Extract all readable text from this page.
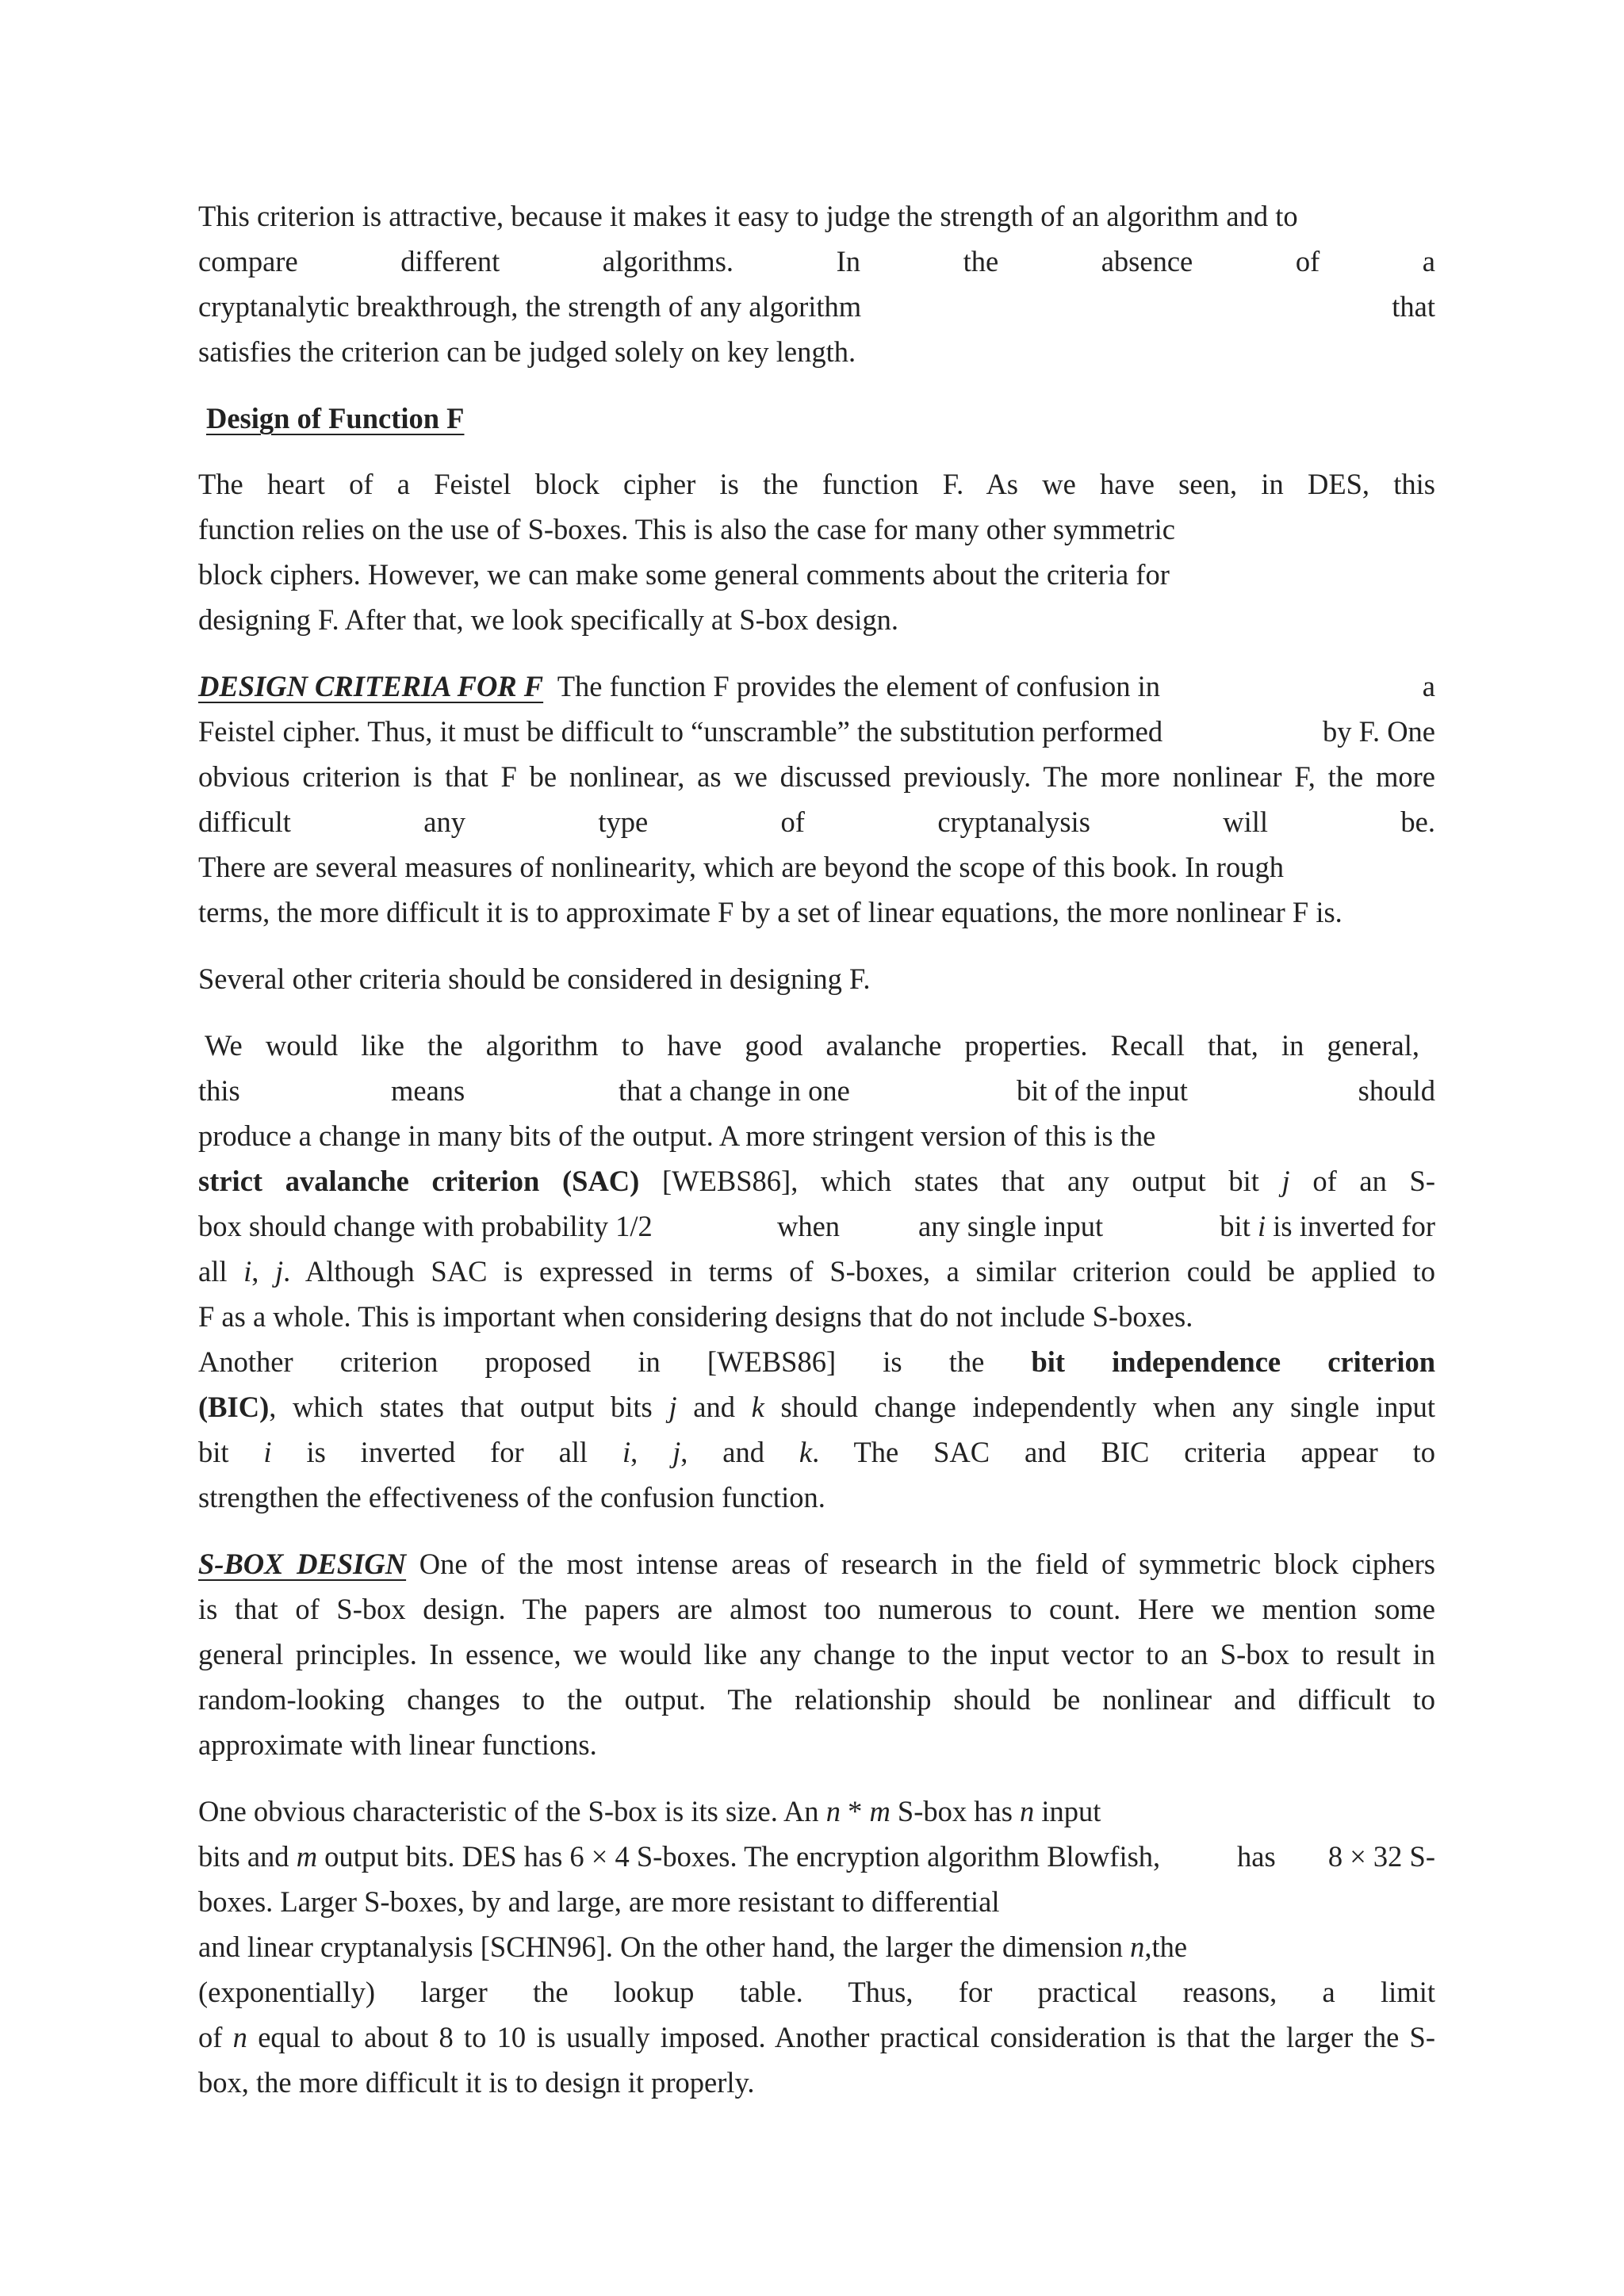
This criterion is attractive, because it makes it easy to judge the strength of an algorithm and to
compare different algorithms. In the absence of a
cryptanalytic breakthrough, the strength of any algorithm	that
satisfies the criterion can be judged solely on key length.
Design of Function F
The heart of a Feistel block cipher is the function F. As we have seen, in DES, this
function relies on the use of S-boxes. This is also the case for many other symmetric
block ciphers. However, we can make some general comments about the criteria for
designing F. After that, we look specifically at S-box design.
DESIGN CRITERIA FOR F The function F provides the element of confusion in	a
Feistel cipher. Thus, it must be difficult to “unscramble” the substitution performed	by F. One
obvious criterion is that F be nonlinear, as we discussed previously. The more nonlinear F, the more
difficult any type of cryptanalysis will be.
There are several measures of nonlinearity, which are beyond the scope of this book. In rough
terms, the more difficult it is to approximate F by a set of linear equations, the more nonlinear F is.
Several other criteria should be considered in designing F.
We would like the algorithm to have good avalanche properties. Recall that, in general,
this	means	that a change in one	bit of the input	should
produce a change in many bits of the output. A more stringent version of this is the
strict avalanche criterion (SAC) [WEBS86], which states that any output bit j of an S-
box should change with probability 1/2	when	any single input	bit i is inverted for
all i, j. Although SAC is expressed in terms of S-boxes, a similar criterion could be applied to
F as a whole. This is important when considering designs that do not include S-boxes.
Another criterion proposed in [WEBS86] is the bit independence criterion
(BIC), which states that output bits j and k should change independently when any single input
bit i is inverted for all i, j, and k. The SAC and BIC criteria appear to
strengthen the effectiveness of the confusion function.
S-BOX DESIGN One of the most intense areas of research in the field of symmetric block ciphers
is that of S-box design. The papers are almost too numerous to count. Here we mention some
general principles. In essence, we would like any change to the input vector to an S-box to result in
random-looking changes to the output. The relationship should be nonlinear and difficult to
approximate with linear functions.
One obvious characteristic of the S-box is its size. An n * m S-box has n input
bits and m output bits. DES has 6 × 4 S-boxes. The encryption algorithm Blowfish,	has 8 × 32 S-
boxes. Larger S-boxes, by and large, are more resistant to differential
and linear cryptanalysis [SCHN96]. On the other hand, the larger the dimension n,the
(exponentially) larger the lookup table. Thus, for practical reasons, a limit
of n equal to about 8 to 10 is usually imposed. Another practical consideration is that the larger the S-
box, the more difficult it is to design it properly.
